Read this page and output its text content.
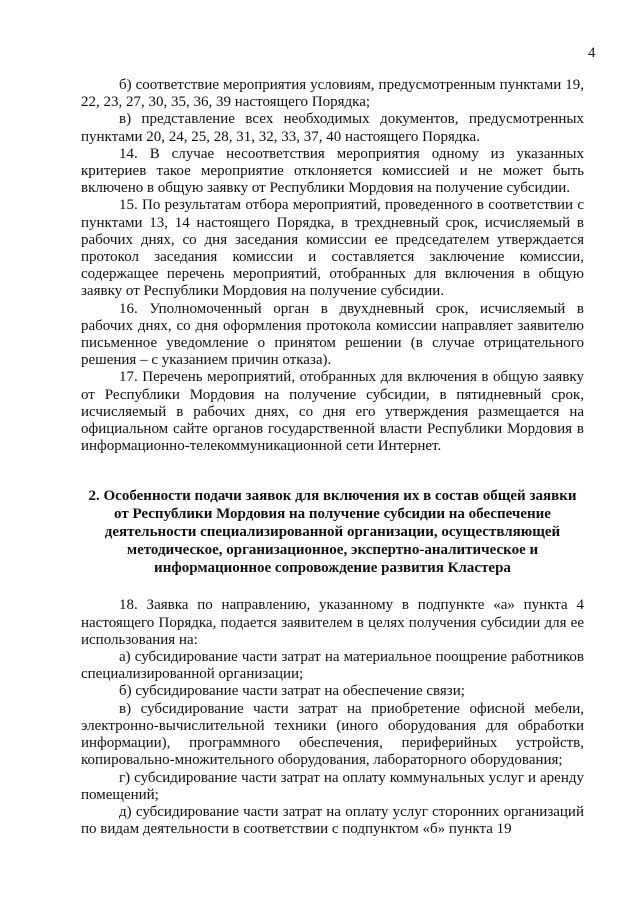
4

б) соответствие мероприятия условиям, предусмотренным пунктами 19, 22, 23, 27, 30, 35, 36, 39 настоящего Порядка;

в) представление всех необходимых документов, предусмотренных пунктами 20, 24, 25, 28, 31, 32, 33, 37, 40 настоящего Порядка.

14. В случае несоответствия мероприятия одному из указанных критериев такое мероприятие отклоняется комиссией и не может быть включено в общую заявку от Республики Мордовия на получение субсидии.

15. По результатам отбора мероприятий, проведенного в соответствии с пунктами 13, 14 настоящего Порядка, в трехдневный срок, исчисляемый в рабочих днях, со дня заседания комиссии ее председателем утверждается протокол заседания комиссии и составляется заключение комиссии, содержащее перечень мероприятий, отобранных для включения в общую заявку от Республики Мордовия на получение субсидии.

16. Уполномоченный орган в двухдневный срок, исчисляемый в рабочих днях, со дня оформления протокола комиссии направляет заявителю письменное уведомление о принятом решении (в случае отрицательного решения – с указанием причин отказа).

17. Перечень мероприятий, отобранных для включения в общую заявку от Республики Мордовия на получение субсидии, в пятидневный срок, исчисляемый в рабочих днях, со дня его утверждения размещается на официальном сайте органов государственной власти Республики Мордовия в информационно-телекоммуникационной сети Интернет.

2. Особенности подачи заявок для включения их в состав общей заявки
от Республики Мордовия на получение субсидии на обеспечение
деятельности специализированной организации, осуществляющей
методическое, организационное, экспертно-аналитическое и
информационное сопровождение развития Кластера

18. Заявка по направлению, указанному в подпункте «а» пункта 4 настоящего Порядка, подается заявителем в целях получения субсидии для ее использования на:

а) субсидирование части затрат на материальное поощрение работников специализированной организации;

б) субсидирование части затрат на обеспечение связи;

в) субсидирование части затрат на приобретение офисной мебели, электронно-вычислительной техники (иного оборудования для обработки информации), программного обеспечения, периферийных устройств, копировально-множительного оборудования, лабораторного оборудования;

г) субсидирование части затрат на оплату коммунальных услуг и аренду помещений;

д) субсидирование части затрат на оплату услуг сторонних организаций по видам деятельности в соответствии с подпунктом «б» пункта 19
